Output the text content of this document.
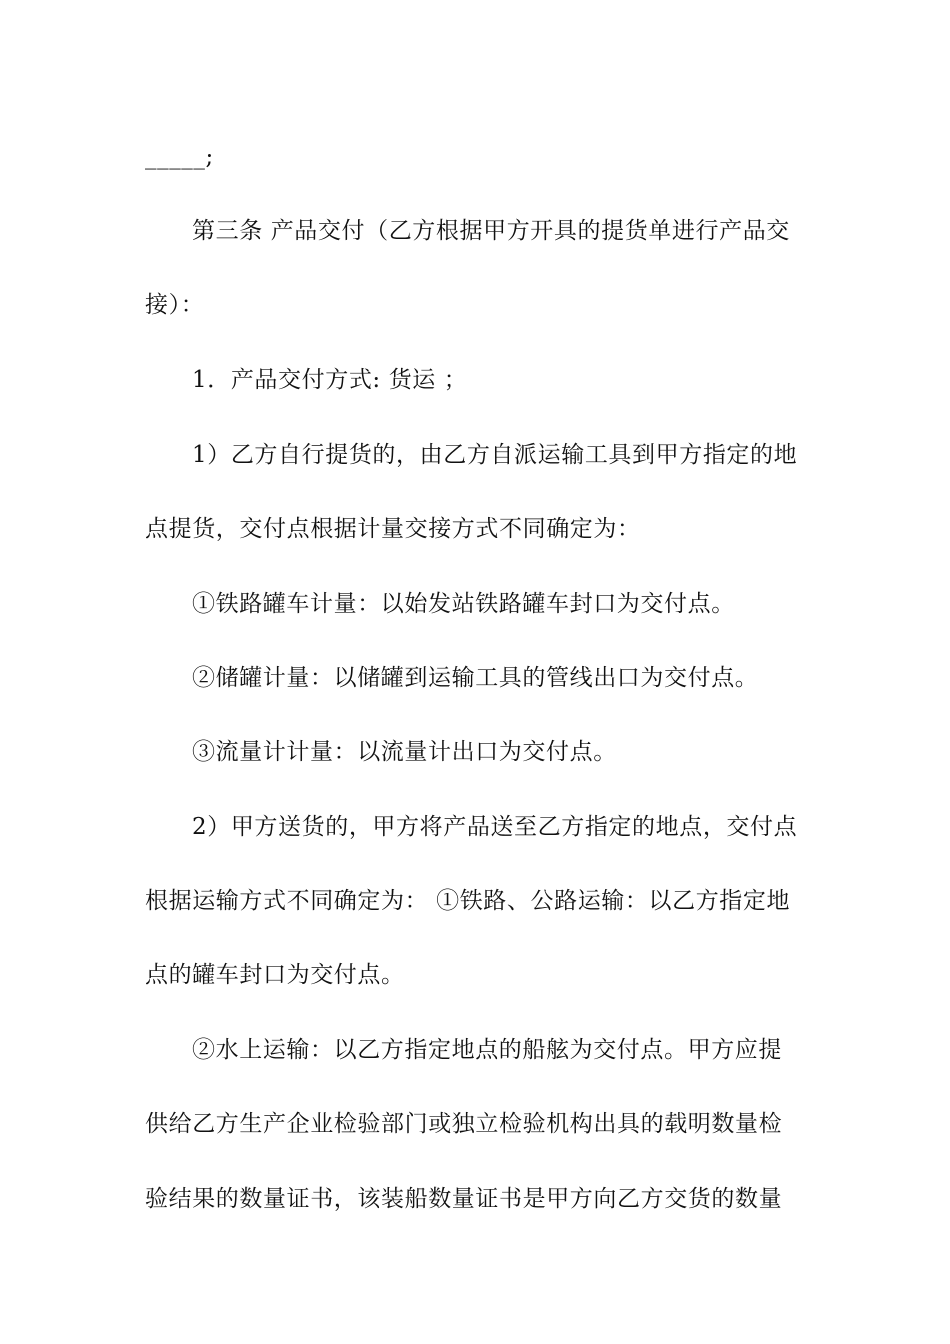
_____;
第三条 产品交付（乙方根据甲方开具的提货单进行产品交
接）：
1．产品交付方式: 货运 ；
1）乙方自行提货的，由乙方自派运输工具到甲方指定的地
点提货，交付点根据计量交接方式不同确定为：
①铁路罐车计量：以始发站铁路罐车封口为交付点。
②储罐计量：以储罐到运输工具的管线出口为交付点。
③流量计计量：以流量计出口为交付点。
2）甲方送货的，甲方将产品送至乙方指定的地点，交付点
根据运输方式不同确定为： ①铁路、公路运输：以乙方指定地
点的罐车封口为交付点。
②水上运输：以乙方指定地点的船舷为交付点。甲方应提
供给乙方生产企业检验部门或独立检验机构出具的载明数量检
验结果的数量证书，该装船数量证书是甲方向乙方交货的数量
